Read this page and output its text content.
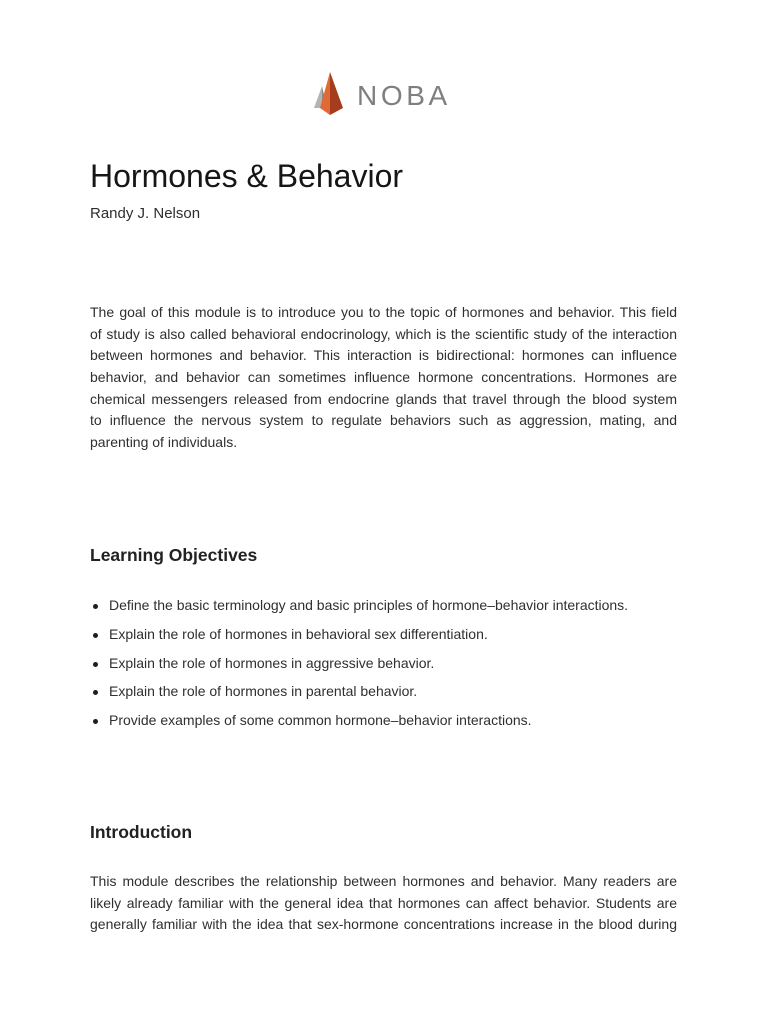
NOBA
Hormones & Behavior
Randy J. Nelson

The goal of this module is to introduce you to the topic of hormones and behavior. This field
of study is also called behavioral endocrinology, which is the scientific study of the interaction
between hormones and behavior. This interaction is bidirectional: hormones can influence
behavior, and behavior can sometimes influence hormone concentrations. Hormones are
chemical messengers released from endocrine glands that travel through the blood system
to influence the nervous system to regulate behaviors such as aggression, mating, and
parenting of individuals.

Learning Objectives
Define the basic terminology and basic principles of hormone–behavior interactions.
Explain the role of hormones in behavioral sex differentiation.
Explain the role of hormones in aggressive behavior.
Explain the role of hormones in parental behavior.
Provide examples of some common hormone–behavior interactions.
Introduction

This module describes the relationship between hormones and behavior. Many readers are
likely already familiar with the general idea that hormones can affect behavior. Students are
generally familiar with the idea that sex-hormone concentrations increase in the blood during
